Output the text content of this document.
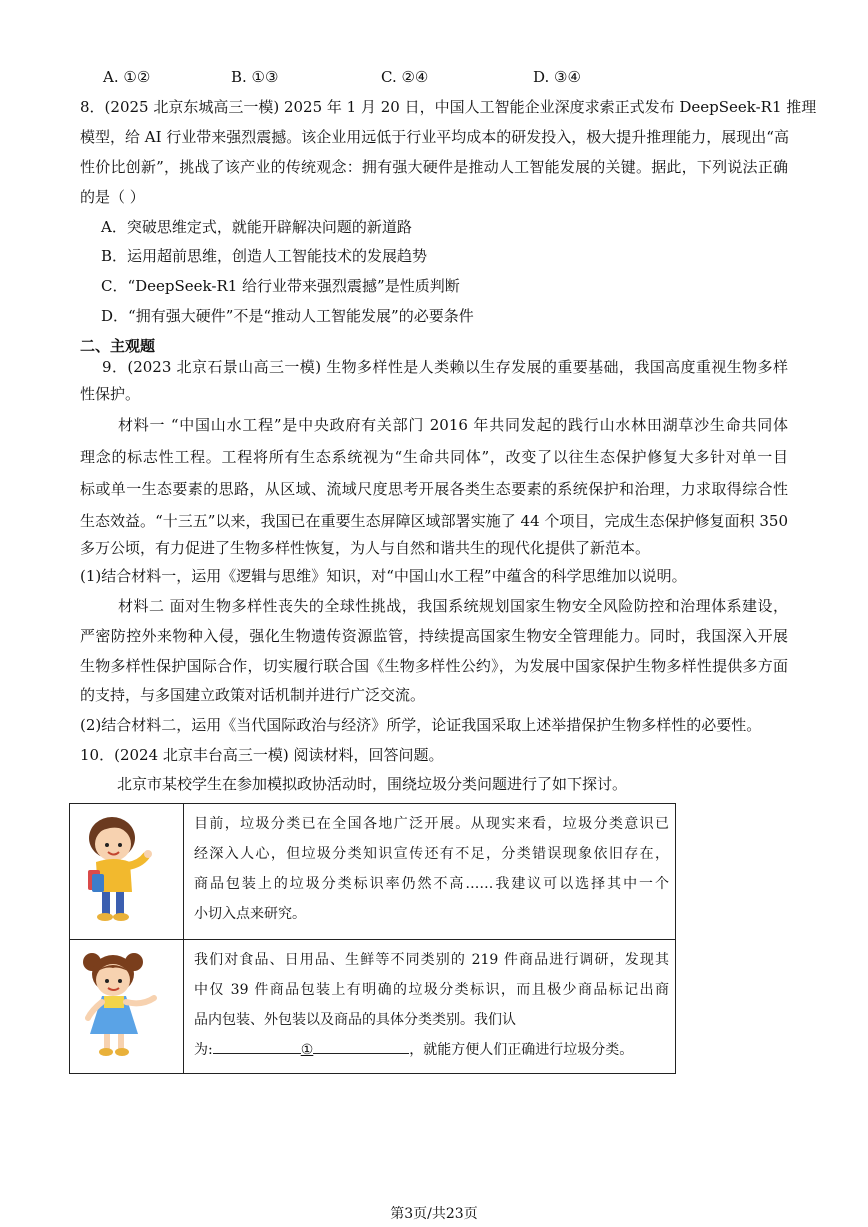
A. ①②	B. ①③	C. ②④	D. ③④
8．(2025 北京东城高三一模) 2025 年 1 月 20 日，中国人工智能企业深度求索正式发布 DeepSeek-R1 推理
模型，给 AI 行业带来强烈震撼。该企业用远低于行业平均成本的研发投入，极大提升推理能力，展现出“高
性价比创新”，挑战了该产业的传统观念：拥有强大硬件是推动人工智能发展的关键。据此，下列说法正确
的是（ ）
A．突破思维定式，就能开辟解决问题的新道路
B．运用超前思维，创造人工智能技术的发展趋势
C．“DeepSeek-R1 给行业带来强烈震撼”是性质判断
D．“拥有强大硬件”不是“推动人工智能发展”的必要条件
二、主观题
9．(2023 北京石景山高三一模) 生物多样性是人类赖以生存发展的重要基础，我国高度重视生物多样
性保护。
材料一 “中国山水工程”是中央政府有关部门 2016 年共同发起的践行山水林田湖草沙生命共同体
理念的标志性工程。工程将所有生态系统视为“生命共同体”，改变了以往生态保护修复大多针对单一目
标或单一生态要素的思路，从区域、流域尺度思考开展各类生态要素的系统保护和治理，力求取得综合性
生态效益。“十三五”以来，我国已在重要生态屏障区域部署实施了 44 个项目，完成生态保护修复面积 350
多万公顷，有力促进了生物多样性恢复，为人与自然和谐共生的现代化提供了新范本。
(1)结合材料一，运用《逻辑与思维》知识，对“中国山水工程”中蕴含的科学思维加以说明。
材料二 面对生物多样性丧失的全球性挑战，我国系统规划国家生物安全风险防控和治理体系建设，
严密防控外来物种入侵，强化生物遗传资源监管，持续提高国家生物安全管理能力。同时，我国深入开展
生物多样性保护国际合作，切实履行联合国《生物多样性公约》，为发展中国家保护生物多样性提供多方面
的支持，与多国建立政策对话机制并进行广泛交流。
(2)结合材料二，运用《当代国际政治与经济》所学，论证我国采取上述举措保护生物多样性的必要性。
10．(2024 北京丰台高三一模) 阅读材料，回答问题。
北京市某校学生在参加模拟政协活动时，围绕垃圾分类问题进行了如下探讨。

目前，垃圾分类已在全国各地广泛开展。从现实来看，垃圾分类意识已
经深入人心，但垃圾分类知识宣传还有不足，分类错误现象依旧存在，
商品包装上的垃圾分类标识率仍然不高……我建议可以选择其中一个
小切入点来研究。

我们对食品、日用品、生鲜等不同类别的 219 件商品进行调研，发现其
中仅 39 件商品包装上有明确的垃圾分类标识，而且极少商品标记出商
品内包装、外包装以及商品的具体分类类别。我们认
为: ① ，就能方便人们正确进行垃圾分类。
第3页/共23页
